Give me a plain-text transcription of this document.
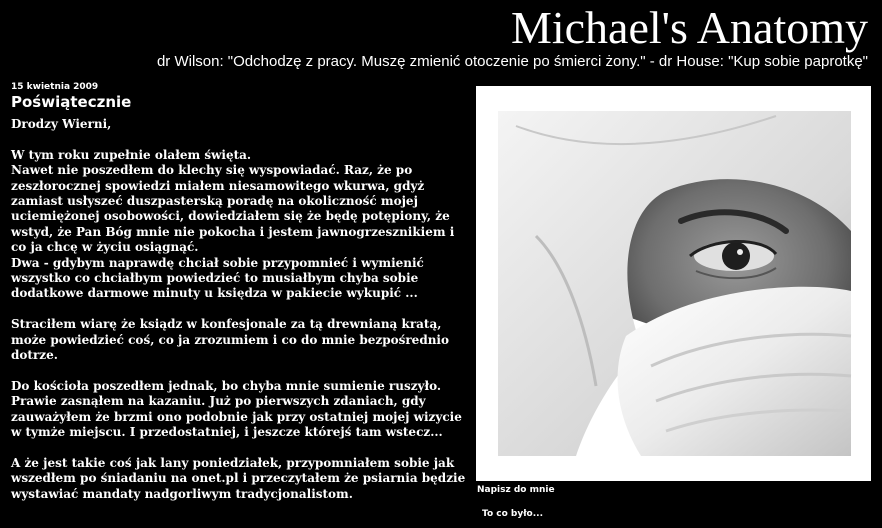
Michael's Anatomy
dr Wilson: "Odchodzę z pracy. Muszę zmienić otoczenie po śmierci żony." - dr House: "Kup sobie paprotkę"
15 kwietnia 2009
Poświątecznie

Drodzy Wierni,

W tym roku zupełnie olałem święta.
Nawet nie poszedłem do klechy się wyspowiadać. Raz, że po zeszłorocznej spowiedzi miałem niesamowitego wkurwa, gdyż zamiast usłyszeć duszpasterską poradę na okoliczność mojej uciemiężonej osobowości, dowiedziałem się że będę potępiony, że wstyd, że Pan Bóg mnie nie pokocha i jestem jawnogrzesznikiem i co ja chcę w życiu osiągnąć.
Dwa - gdybym naprawdę chciał sobie przypomnieć i wymienić wszystko co chciałbym powiedzieć to musiałbym chyba sobie dodatkowe darmowe minuty u księdza w pakiecie wykupić ...

Straciłem wiarę że ksiądz w konfesjonale za tą drewnianą kratą, może powiedzieć coś, co ja zrozumiem i co do mnie bezpośrednio dotrze.

Do kościoła poszedłem jednak, bo chyba mnie sumienie ruszyło. Prawie zasnąłem na kazaniu. Już po pierwszych zdaniach, gdy zauważyłem że brzmi ono podobnie jak przy ostatniej mojej wizycie w tymże miejscu. I przedostatniej, i jeszcze którejś tam wstecz...

A że jest takie coś jak lany poniedziałek, przypomniałem sobie jak wszedłem po śniadaniu na onet.pl i przeczytałem że psiarnia będzie wystawiać mandaty nadgorliwym tradycjonalistom.	Napisz do mnie
To co było...
